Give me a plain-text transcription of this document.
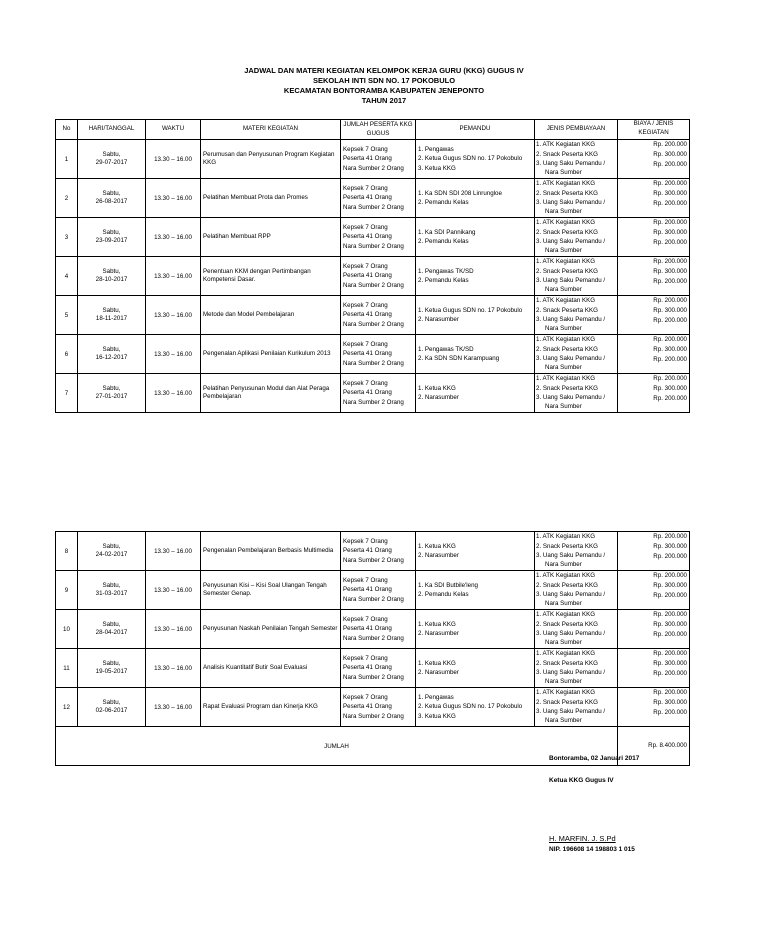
JADWAL DAN MATERI KEGIATAN KELOMPOK KERJA GURU (KKG) GUGUS IV
SEKOLAH INTI SDN NO. 17 POKOBULO
KECAMATAN BONTORAMBA KABUPATEN JENEPONTO
TAHUN 2017
No	HARI/TANGGAL	WAKTU	MATERI KEGIATAN	JUMLAH PESERTA KKG GUGUS	PEMANDU	JENIS PEMBIAYAAN	BIAYA / JENIS KEGIATAN
1	Sabtu,
29-07-2017	13.30 – 16.00	Perumusan dan Penyusunan Program Kegiatan KKG	Kepsek 7 Orang
Peserta 41 Orang
Nara Sumber 2 Orang	1. Pengawas
2. Ketua Gugus SDN no. 17 Pokobulo
3. Ketua KKG	1. ATK Kegiatan KKG
2. Snack Peserta KKG
3. Uang Saku Pemandu /
Nara Sumber	Rp. 200.000
Rp. 300.000
Rp. 200.000

2	Sabtu,
26-08-2017	13.30 – 16.00	Pelatihan Membuat Prota dan Promes	Kepsek 7 Orang
Peserta 41 Orang
Nara Sumber 2 Orang	1. Ka SDN SDI 208 Linrungloe
2. Pemandu Kelas	1. ATK Kegiatan KKG
2. Snack Peserta KKG
3. Uang Saku Pemandu /
Nara Sumber	Rp. 200.000
Rp. 300.000
Rp. 200.000

3	Sabtu,
23-09-2017	13.30 – 16.00	Pelatihan Membuat RPP	Kepsek 7 Orang
Peserta 41 Orang
Nara Sumber 2 Orang	1. Ka SDI Pannikang
2. Pemandu Kelas	1. ATK Kegiatan KKG
2. Snack Peserta KKG
3. Uang Saku Pemandu /
Nara Sumber	Rp. 200.000
Rp. 300.000
Rp. 200.000

4	Sabtu,
28-10-2017	13.30 – 16.00	Penentuan KKM dengan Pertimbangan Kompetensi Dasar.	Kepsek 7 Orang
Peserta 41 Orang
Nara Sumber 2 Orang	1. Pengawas TK/SD
2. Pemandu Kelas	1. ATK Kegiatan KKG
2. Snack Peserta KKG
3. Uang Saku Pemandu /
Nara Sumber	Rp. 200.000
Rp. 300.000
Rp. 200.000

5	Sabtu,
18-11-2017	13.30 – 16.00	Metode dan Model Pembelajaran	Kepsek 7 Orang
Peserta 41 Orang
Nara Sumber 2 Orang	1. Ketua Gugus SDN no. 17 Pokobulo
2. Narasumber	1. ATK Kegiatan KKG
2. Snack Peserta KKG
3. Uang Saku Pemandu /
Nara Sumber	Rp. 200.000
Rp. 300.000
Rp. 200.000

6	Sabtu,
16-12-2017	13.30 – 16.00	Pengenalan Aplikasi Penilaian Kurikulum 2013	Kepsek 7 Orang
Peserta 41 Orang
Nara Sumber 2 Orang	1. Pengawas TK/SD
2. Ka SDN SDN Karampuang	1. ATK Kegiatan KKG
2. Snack Peserta KKG
3. Uang Saku Pemandu /
Nara Sumber	Rp. 200.000
Rp. 300.000
Rp. 200.000

7	Sabtu,
27-01-2017	13.30 – 16.00	Pelatihan Penyusunan Modul dan Alat Peraga Pembelajaran	Kepsek 7 Orang
Peserta 41 Orang
Nara Sumber 2 Orang	1. Ketua KKG
2. Narasumber	1. ATK Kegiatan KKG
2. Snack Peserta KKG
3. Uang Saku Pemandu /
Nara Sumber	Rp. 200.000
Rp. 300.000
Rp. 200.000
8	Sabtu,
24-02-2017	13.30 – 16.00	Pengenalan Pembelajaran Berbasis Multimedia	Kepsek 7 Orang
Peserta 41 Orang
Nara Sumber 2 Orang	1. Ketua KKG
2. Narasumber	1. ATK Kegiatan KKG
2. Snack Peserta KKG
3. Uang Saku Pemandu /
Nara Sumber	Rp. 200.000
Rp. 300.000
Rp. 200.000

9	Sabtu,
31-03-2017	13.30 – 16.00	Penyusunan Kisi – Kisi Soal Ulangan Tengah Semester Genap.	Kepsek 7 Orang
Peserta 41 Orang
Nara Sumber 2 Orang	1. Ka SDI Butbile'leng
2. Pemandu Kelas	1. ATK Kegiatan KKG
2. Snack Peserta KKG
3. Uang Saku Pemandu /
Nara Sumber	Rp. 200.000
Rp. 300.000
Rp. 200.000

10	Sabtu,
28-04-2017	13.30 – 16.00	Penyusunan Naskah Penilaian Tengah Semester	Kepsek 7 Orang
Peserta 41 Orang
Nara Sumber 2 Orang	1. Ketua KKG
2. Narasumber	1. ATK Kegiatan KKG
2. Snack Peserta KKG
3. Uang Saku Pemandu /
Nara Sumber	Rp. 200.000
Rp. 300.000
Rp. 200.000

11	Sabtu,
19-05-2017	13.30 – 16.00	Analisis Kuantitatif Butir Soal Evaluasi	Kepsek 7 Orang
Peserta 41 Orang
Nara Sumber 2 Orang	1. Ketua KKG
2. Narasumber	1. ATK Kegiatan KKG
2. Snack Peserta KKG
3. Uang Saku Pemandu /
Nara Sumber	Rp. 200.000
Rp. 300.000
Rp. 200.000

12	Sabtu,
02-06-2017	13.30 – 16.00	Rapat Evaluasi Program dan Kinerja KKG	Kepsek 7 Orang
Peserta 41 Orang
Nara Sumber 2 Orang	1. Pengawas
2. Ketua Gugus SDN no. 17 Pokobulo
3. Ketua KKG	1. ATK Kegiatan KKG
2. Snack Peserta KKG
3. Uang Saku Pemandu /
Nara Sumber	Rp. 200.000
Rp. 300.000
Rp. 200.000

JUMLAH							Rp. 8.400.000
Bontoramba, 02 Januari 2017
Ketua KKG Gugus IV
H. MARFIN. J. S.Pd
NIP. 196608 14 198803 1 015
